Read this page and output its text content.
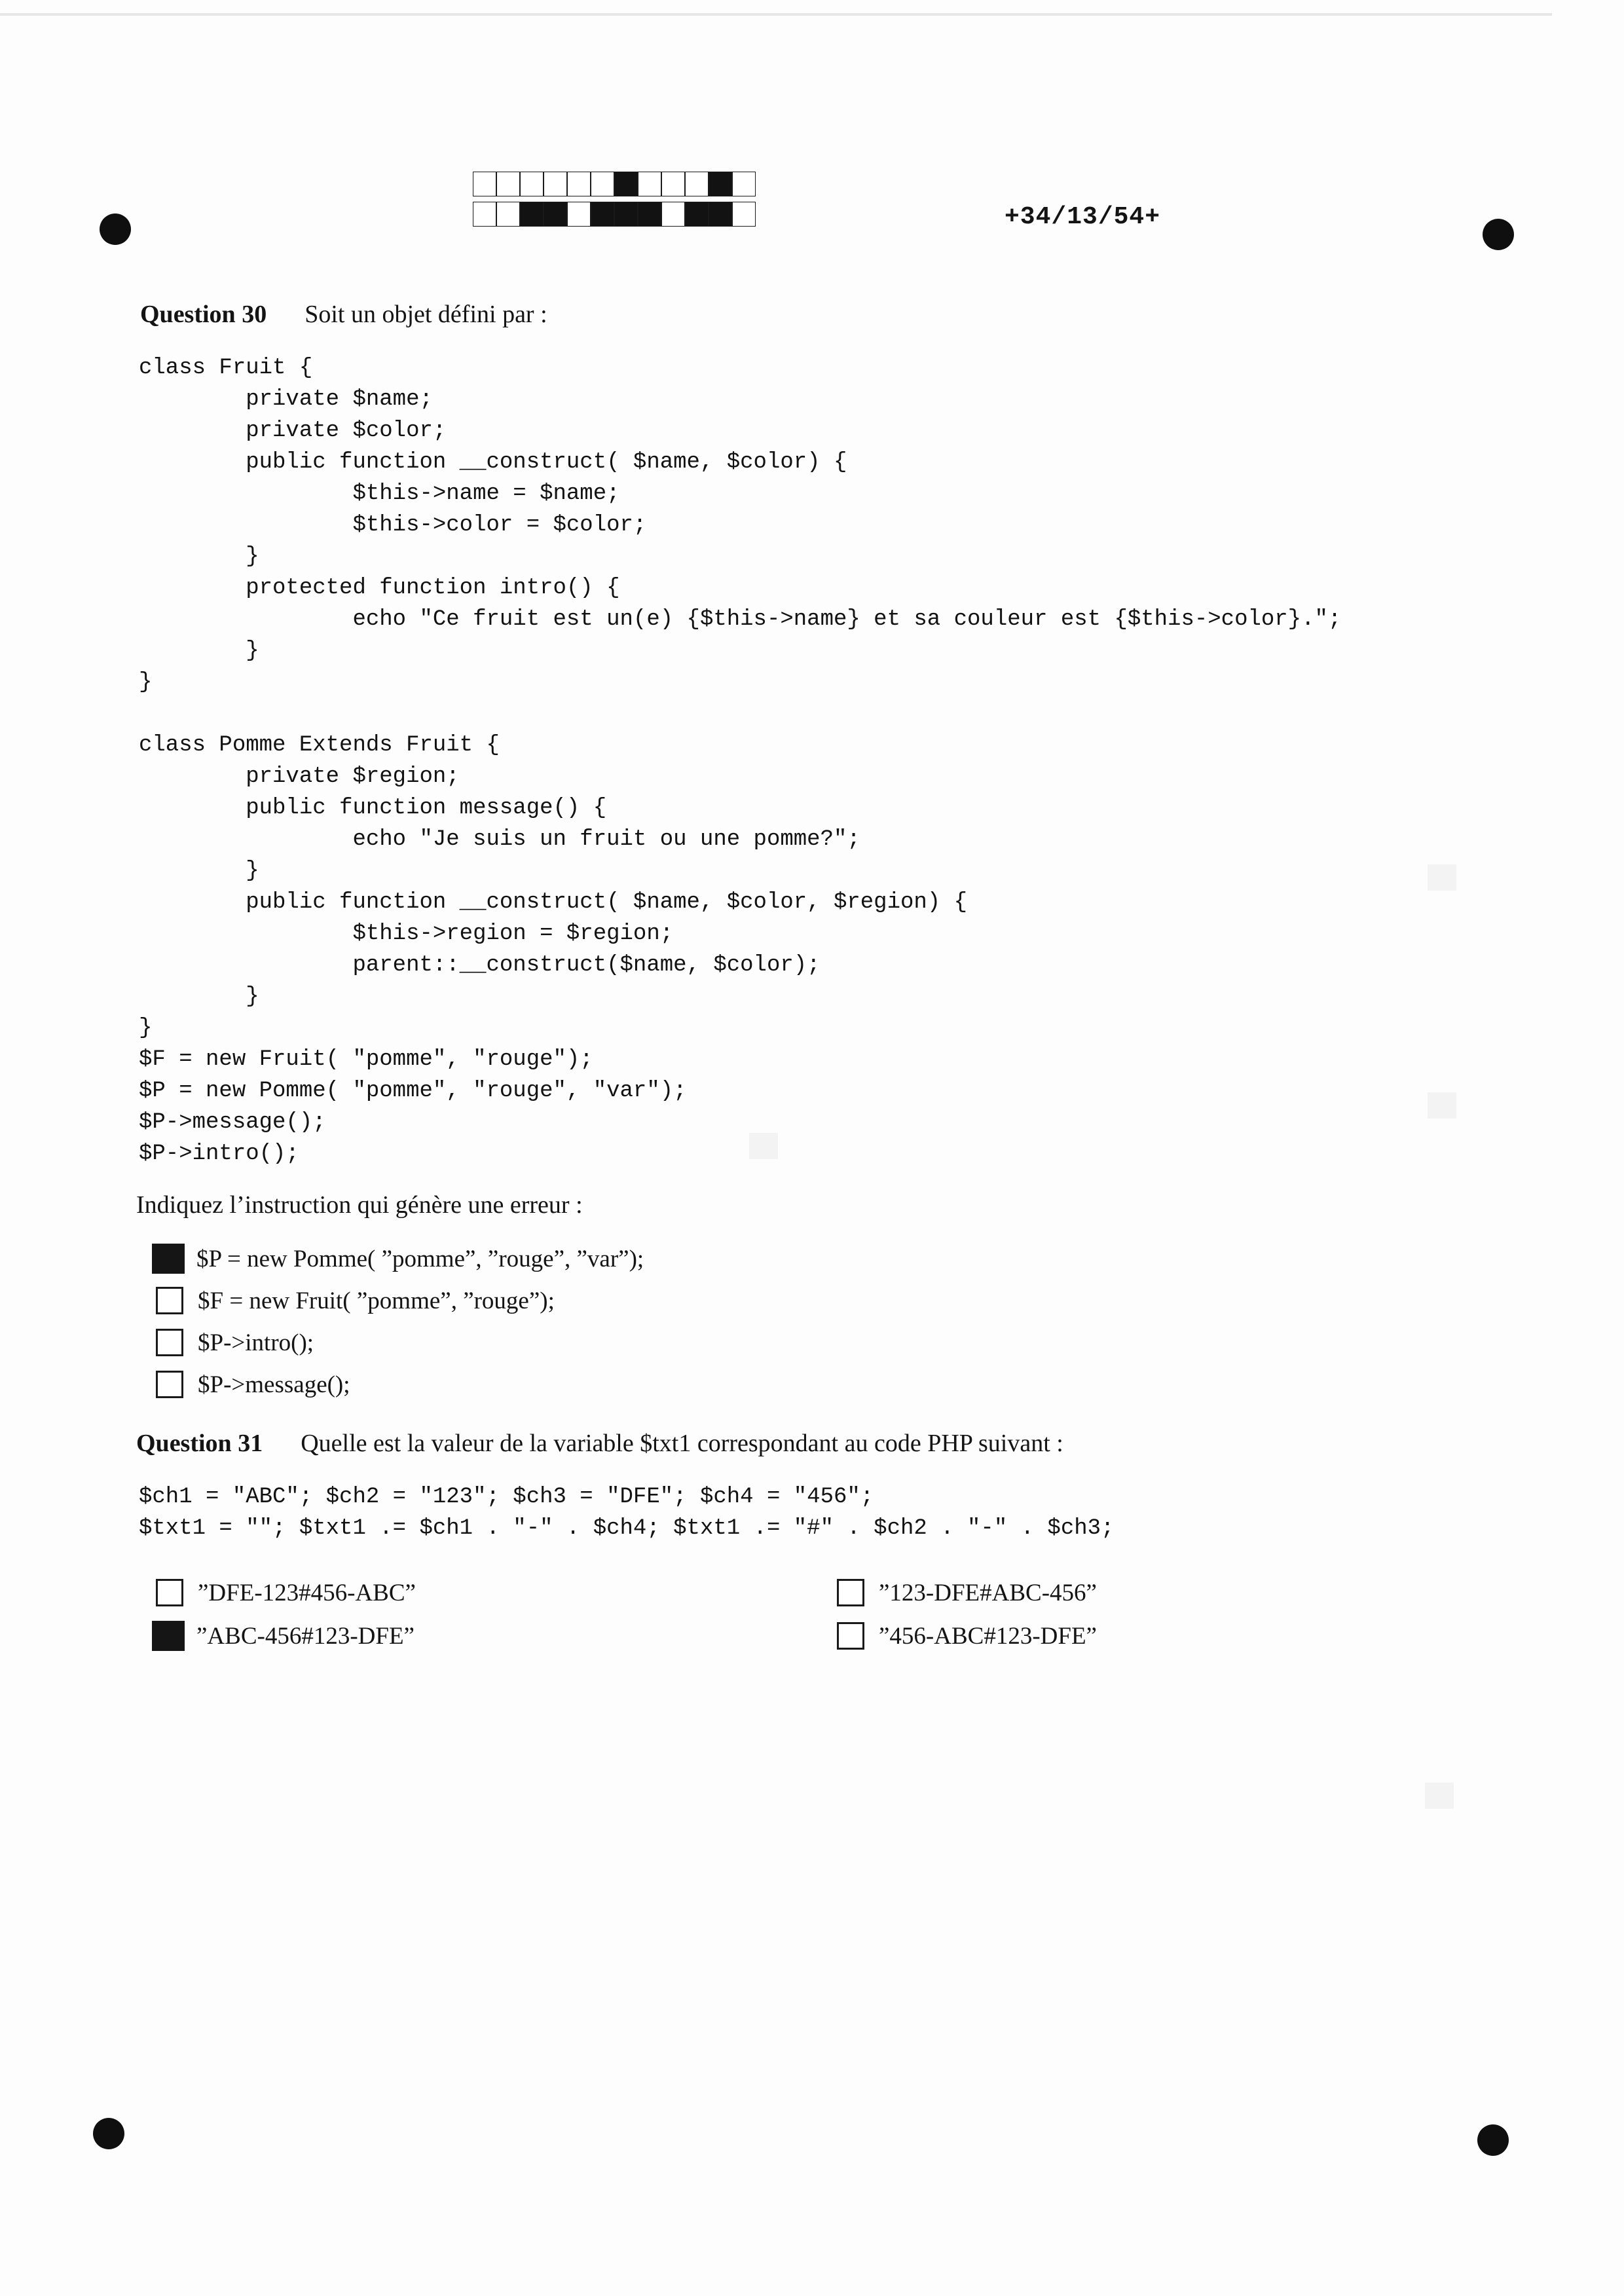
+34/13/54+
Question 30 Soit un objet défini par :
class Fruit {
private $name;
private $color;
public function __construct( $name, $color) {
$this->name = $name;
$this->color = $color;
}
protected function intro() {
echo "Ce fruit est un(e) {$this->name} et sa couleur est {$this->color}.";
}
}

class Pomme Extends Fruit {
private $region;
public function message() {
echo "Je suis un fruit ou une pomme?";
}
public function __construct( $name, $color, $region) {
$this->region = $region;
parent::__construct($name, $color);
}
}
$F = new Fruit( "pomme", "rouge");
$P = new Pomme( "pomme", "rouge", "var");
$P->message();
$P->intro();
Indiquez l’instruction qui génère une erreur :
$P = new Pomme( ”pomme”, ”rouge”, ”var”);
$F = new Fruit( ”pomme”, ”rouge”);
$P->intro();
$P->message();
Question 31 Quelle est la valeur de la variable $txt1 correspondant au code PHP suivant :
$ch1 = "ABC"; $ch2 = "123"; $ch3 = "DFE"; $ch4 = "456";
$txt1 = ""; $txt1 .= $ch1 . "-" . $ch4; $txt1 .= "#" . $ch2 . "-" . $ch3;
”DFE-123#456-ABC”	”123-DFE#ABC-456”
”ABC-456#123-DFE”	”456-ABC#123-DFE”
